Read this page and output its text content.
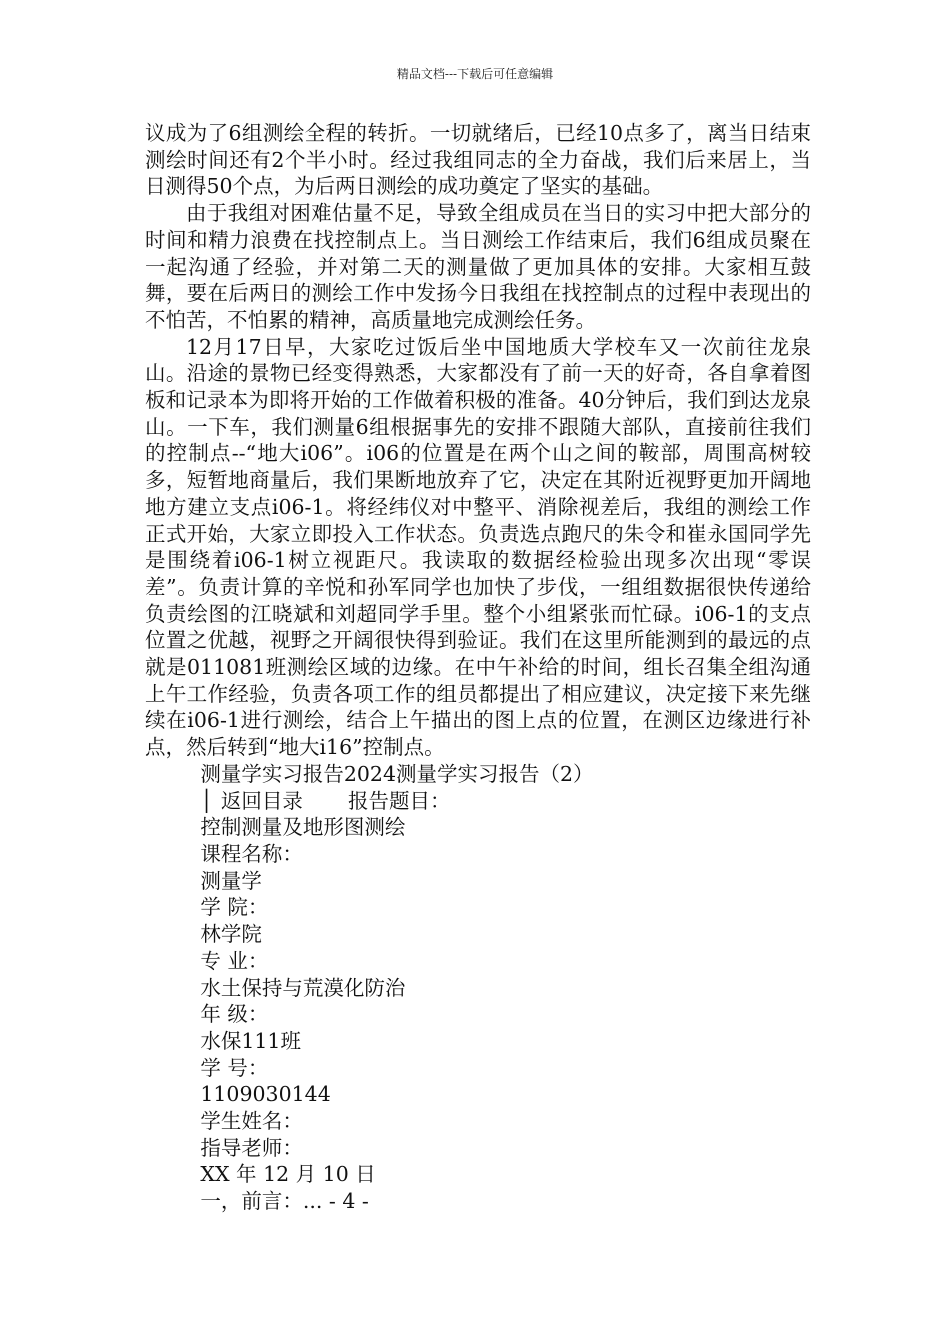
精品文档---下载后可任意编辑

议成为了6组测绘全程的转折。一切就绪后，已经10点多了，离当日结束测绘时间还有2个半小时。经过我组同志的全力奋战，我们后来居上，当日测得50个点，为后两日测绘的成功奠定了坚实的基础。

由于我组对困难估量不足，导致全组成员在当日的实习中把大部分的时间和精力浪费在找控制点上。当日测绘工作结束后，我们6组成员聚在一起沟通了经验，并对第二天的测量做了更加具体的安排。大家相互鼓舞，要在后两日的测绘工作中发扬今日我组在找控制点的过程中表现出的不怕苦，不怕累的精神，高质量地完成测绘任务。

12月17日早，大家吃过饭后坐中国地质大学校车又一次前往龙泉山。沿途的景物已经变得熟悉，大家都没有了前一天的好奇，各自拿着图板和记录本为即将开始的工作做着积极的准备。40分钟后，我们到达龙泉山。一下车，我们测量6组根据事先的安排不跟随大部队，直接前往我们的控制点--“地大i06”。i06的位置是在两个山之间的鞍部，周围高树较多，短暂地商量后，我们果断地放弃了它，决定在其附近视野更加开阔地地方建立支点i06-1。将经纬仪对中整平、消除视差后，我组的测绘工作正式开始，大家立即投入工作状态。负责选点跑尺的朱令和崔永国同学先是围绕着i06-1树立视距尺。我读取的数据经检验出现多次出现“零误差”。负责计算的辛悦和孙军同学也加快了步伐，一组组数据很快传递给负责绘图的江晓斌和刘超同学手里。整个小组紧张而忙碌。i06-1的支点位置之优越，视野之开阔很快得到验证。我们在这里所能测到的最远的点就是011081班测绘区域的边缘。在中午补给的时间，组长召集全组沟通上午工作经验，负责各项工作的组员都提出了相应建议，决定接下来先继续在i06-1进行测绘，结合上午描出的图上点的位置，在测区边缘进行补点，然后转到“地大i16”控制点。

测量学实习报告2024测量学实习报告（2）

│ 返回目录 报告题目：

控制测量及地形图测绘

课程名称：

测量学

学 院：

林学院

专 业：

水土保持与荒漠化防治

年 级：

水保111班

学 号：

1109030144

学生姓名：

指导老师：

XX 年 12 月 10 日

一，前言：... - 4 -
